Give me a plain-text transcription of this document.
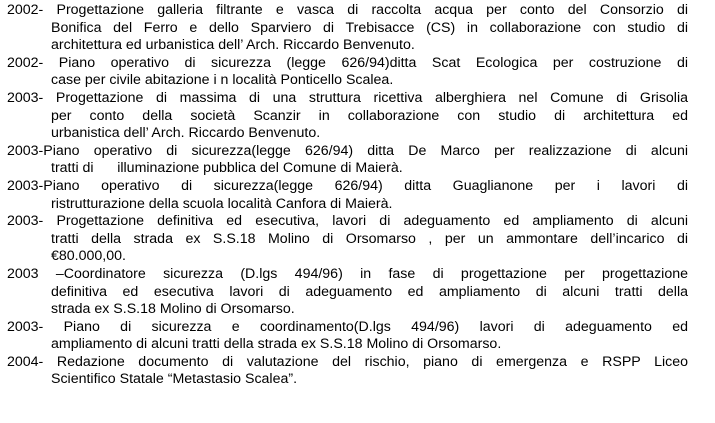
2002- Progettazione galleria filtrante e vasca di raccolta acqua per conto del Consorzio di
Bonifica del Ferro e dello Sparviero di Trebisacce (CS) in collaborazione con studio di
architettura ed urbanistica dell’ Arch. Riccardo Benvenuto.
2002- Piano operativo di sicurezza (legge 626/94)ditta Scat Ecologica per costruzione di
case per civile abitazione i n località Ponticello Scalea.
2003- Progettazione di massima di una struttura ricettiva alberghiera nel Comune di Grisolia
per conto della società Scanzir in collaborazione con studio di architettura ed
urbanistica dell’ Arch. Riccardo Benvenuto.
2003-Piano operativo di sicurezza(legge 626/94) ditta De Marco per realizzazione di alcuni
tratti di      illuminazione pubblica del Comune di Maierà.
2003-Piano operativo di sicurezza(legge 626/94) ditta Guaglianone per i lavori di
ristrutturazione della scuola località Canfora di Maierà.
2003- Progettazione definitiva ed esecutiva, lavori di adeguamento ed ampliamento di alcuni
tratti della strada ex S.S.18 Molino di Orsomarso , per un ammontare dell’incarico di
€80.000,00.
2003 –Coordinatore sicurezza (D.lgs 494/96) in fase di progettazione per progettazione
definitiva ed esecutiva lavori di adeguamento ed ampliamento di alcuni tratti della
strada ex S.S.18 Molino di Orsomarso.
2003- Piano di sicurezza e coordinamento(D.lgs 494/96) lavori di adeguamento ed
ampliamento di alcuni tratti della strada ex S.S.18 Molino di Orsomarso.
2004- Redazione documento di valutazione del rischio, piano di emergenza e RSPP Liceo
Scientifico Statale “Metastasio Scalea”.
